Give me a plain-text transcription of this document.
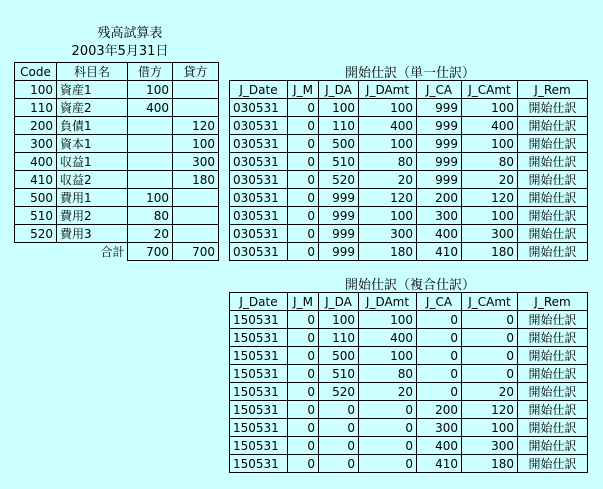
残高試算表
2003年5月31日
Code	科目名	借方	貸方
100	資産1	100	
110	資産2	400	
200	負債1		120
300	資本1		100
400	収益1		300
410	収益2		180
500	費用1	100	
510	費用2	80	
520	費用3	20	
	合計	700	700
開始仕訳（単一仕訳）
J_Date	J_M	J_DA	J_DAmt	J_CA	J_CAmt	J_Rem
030531	0	100	100	999	100	開始仕訳
030531	0	110	400	999	400	開始仕訳
030531	0	500	100	999	100	開始仕訳
030531	0	510	80	999	80	開始仕訳
030531	0	520	20	999	20	開始仕訳
030531	0	999	120	200	120	開始仕訳
030531	0	999	100	300	100	開始仕訳
030531	0	999	300	400	300	開始仕訳
030531	0	999	180	410	180	開始仕訳
開始仕訳（複合仕訳）
J_Date	J_M	J_DA	J_DAmt	J_CA	J_CAmt	J_Rem
150531	0	100	100	0	0	開始仕訳
150531	0	110	400	0	0	開始仕訳
150531	0	500	100	0	0	開始仕訳
150531	0	510	80	0	0	開始仕訳
150531	0	520	20	0	20	開始仕訳
150531	0	0	0	200	120	開始仕訳
150531	0	0	0	300	100	開始仕訳
150531	0	0	0	400	300	開始仕訳
150531	0	0	0	410	180	開始仕訳
